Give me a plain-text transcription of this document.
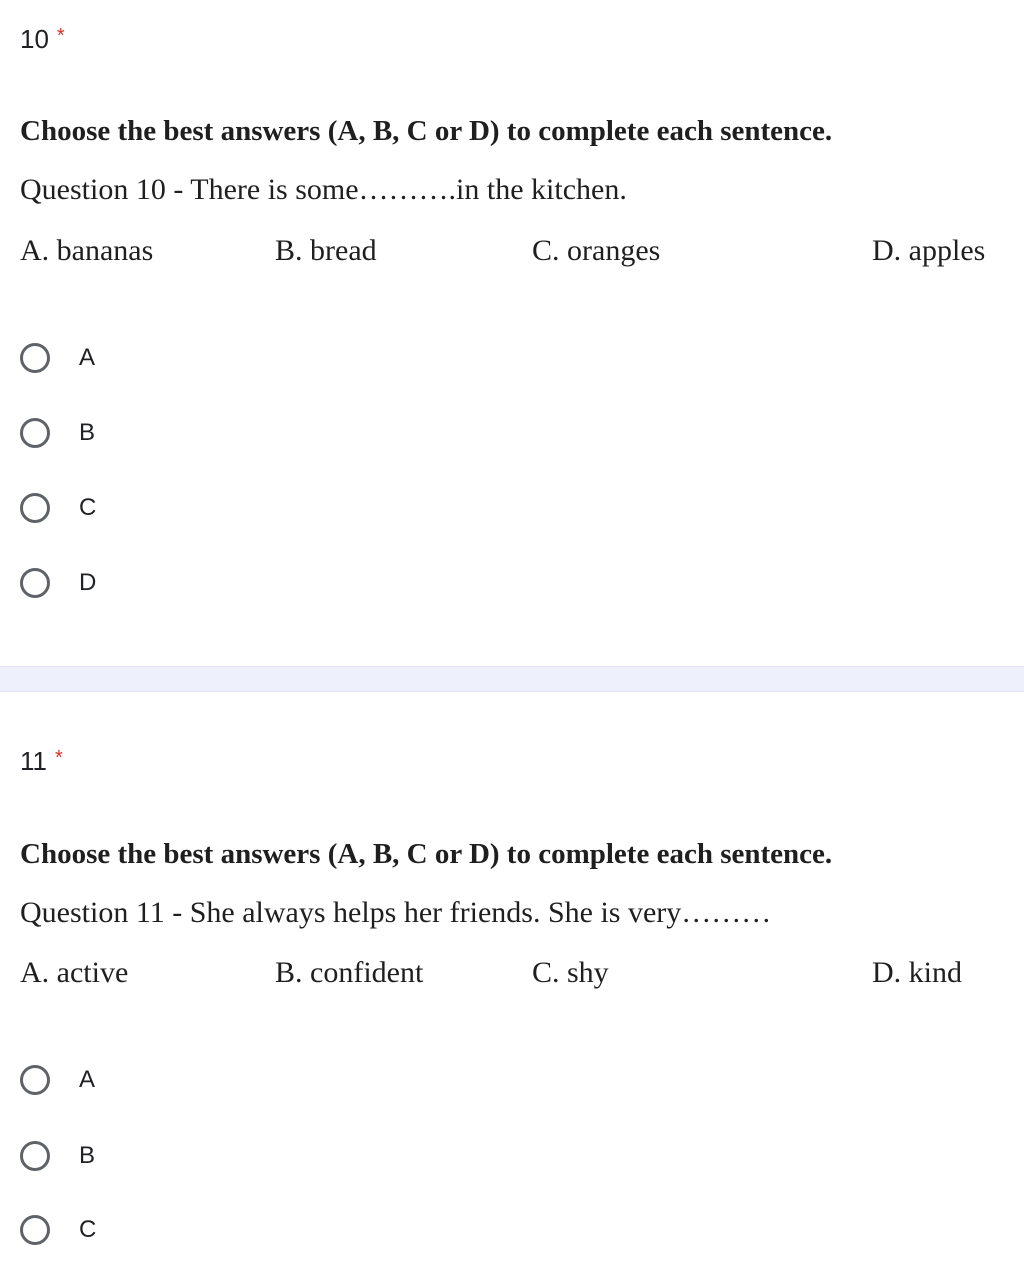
10 *
Choose the best answers (A, B, C or D) to complete each sentence.
Question 10 - There is some……….in the kitchen.
A. bananas	B. bread	C. oranges	D. apples
A
B
C
D
11 *
Choose the best answers (A, B, C or D) to complete each sentence.
Question 11 - She always helps her friends. She is very………
A. active	B. confident	C. shy	D. kind
A
B
C
